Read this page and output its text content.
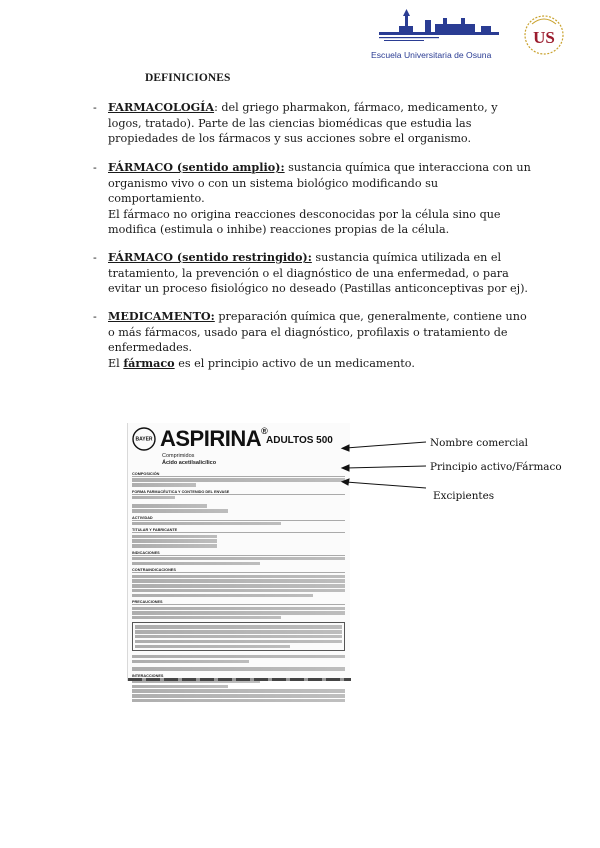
Escuela Universitaria de Osuna
US
DEFINICIONES
- FARMACOLOGÍA: del griego pharmakon, fármaco, medicamento, y logos, tratado). Parte de las ciencias biomédicas que estudia las propiedades de los fármacos y sus acciones sobre el organismo.

- FÁRMACO (sentido amplio): sustancia química que interacciona con un organismo vivo o con un sistema biológico modificando su comportamiento.

El fármaco no origina reacciones desconocidas por la célula sino que modifica (estimula o inhibe) reacciones propias de la célula.

- FÁRMACO (sentido restringido): sustancia química utilizada en el tratamiento, la prevención o el diagnóstico de una enfermedad, o para evitar un proceso fisiológico no deseado (Pastillas anticonceptivas por ej).

- MEDICAMENTO: preparación química que, generalmente, contiene uno o más fármacos, usado para el diagnóstico, profilaxis o tratamiento de enfermedades.

El fármaco es el principio activo de un medicamento.

BAYER ASPIRINA®
ADULTOS 500
Comprimidos
Ácido acetilsalicílico
COMPOSICIÓN
FORMA FARMACÉUTICA Y CONTENIDO DEL ENVASE
ACTIVIDAD
TITULAR Y FABRICANTE
INDICACIONES
CONTRAINDICACIONES
PRECAUCIONES
INTERACCIONES
Nombre comercial
Principio activo/Fármaco
Excipientes
